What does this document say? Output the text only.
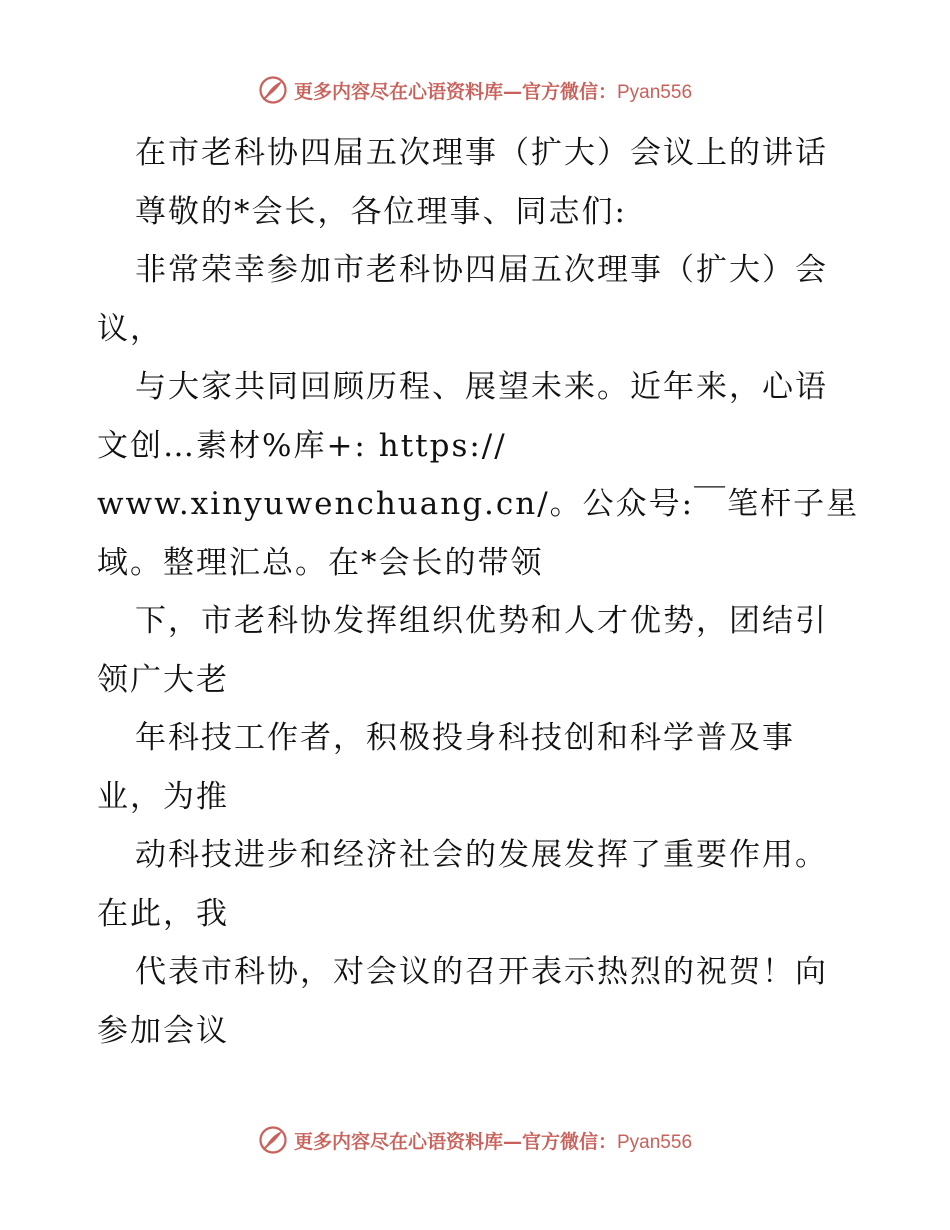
更多内容尽在心语资料库—官方微信：Pyan556
在市老科协四届五次理事（扩大）会议上的讲话
尊敬的*会长，各位理事、同志们:
非常荣幸参加市老科协四届五次理事（扩大）会
议，
与大家共同回顾历程、展望未来。近年来，心语
文创…素材%库+: https://
www.xinyuwenchuang.cn/。公众号:￣笔杆子星
域。整理汇总。在*会长的带领
下，市老科协发挥组织优势和人才优势，团结引
领广大老
年科技工作者，积极投身科技创和科学普及事
业，为推
动科技进步和经济社会的发展发挥了重要作用。
在此，我
代表市科协，对会议的召开表示热烈的祝贺！向
参加会议
更多内容尽在心语资料库—官方微信：Pyan556
